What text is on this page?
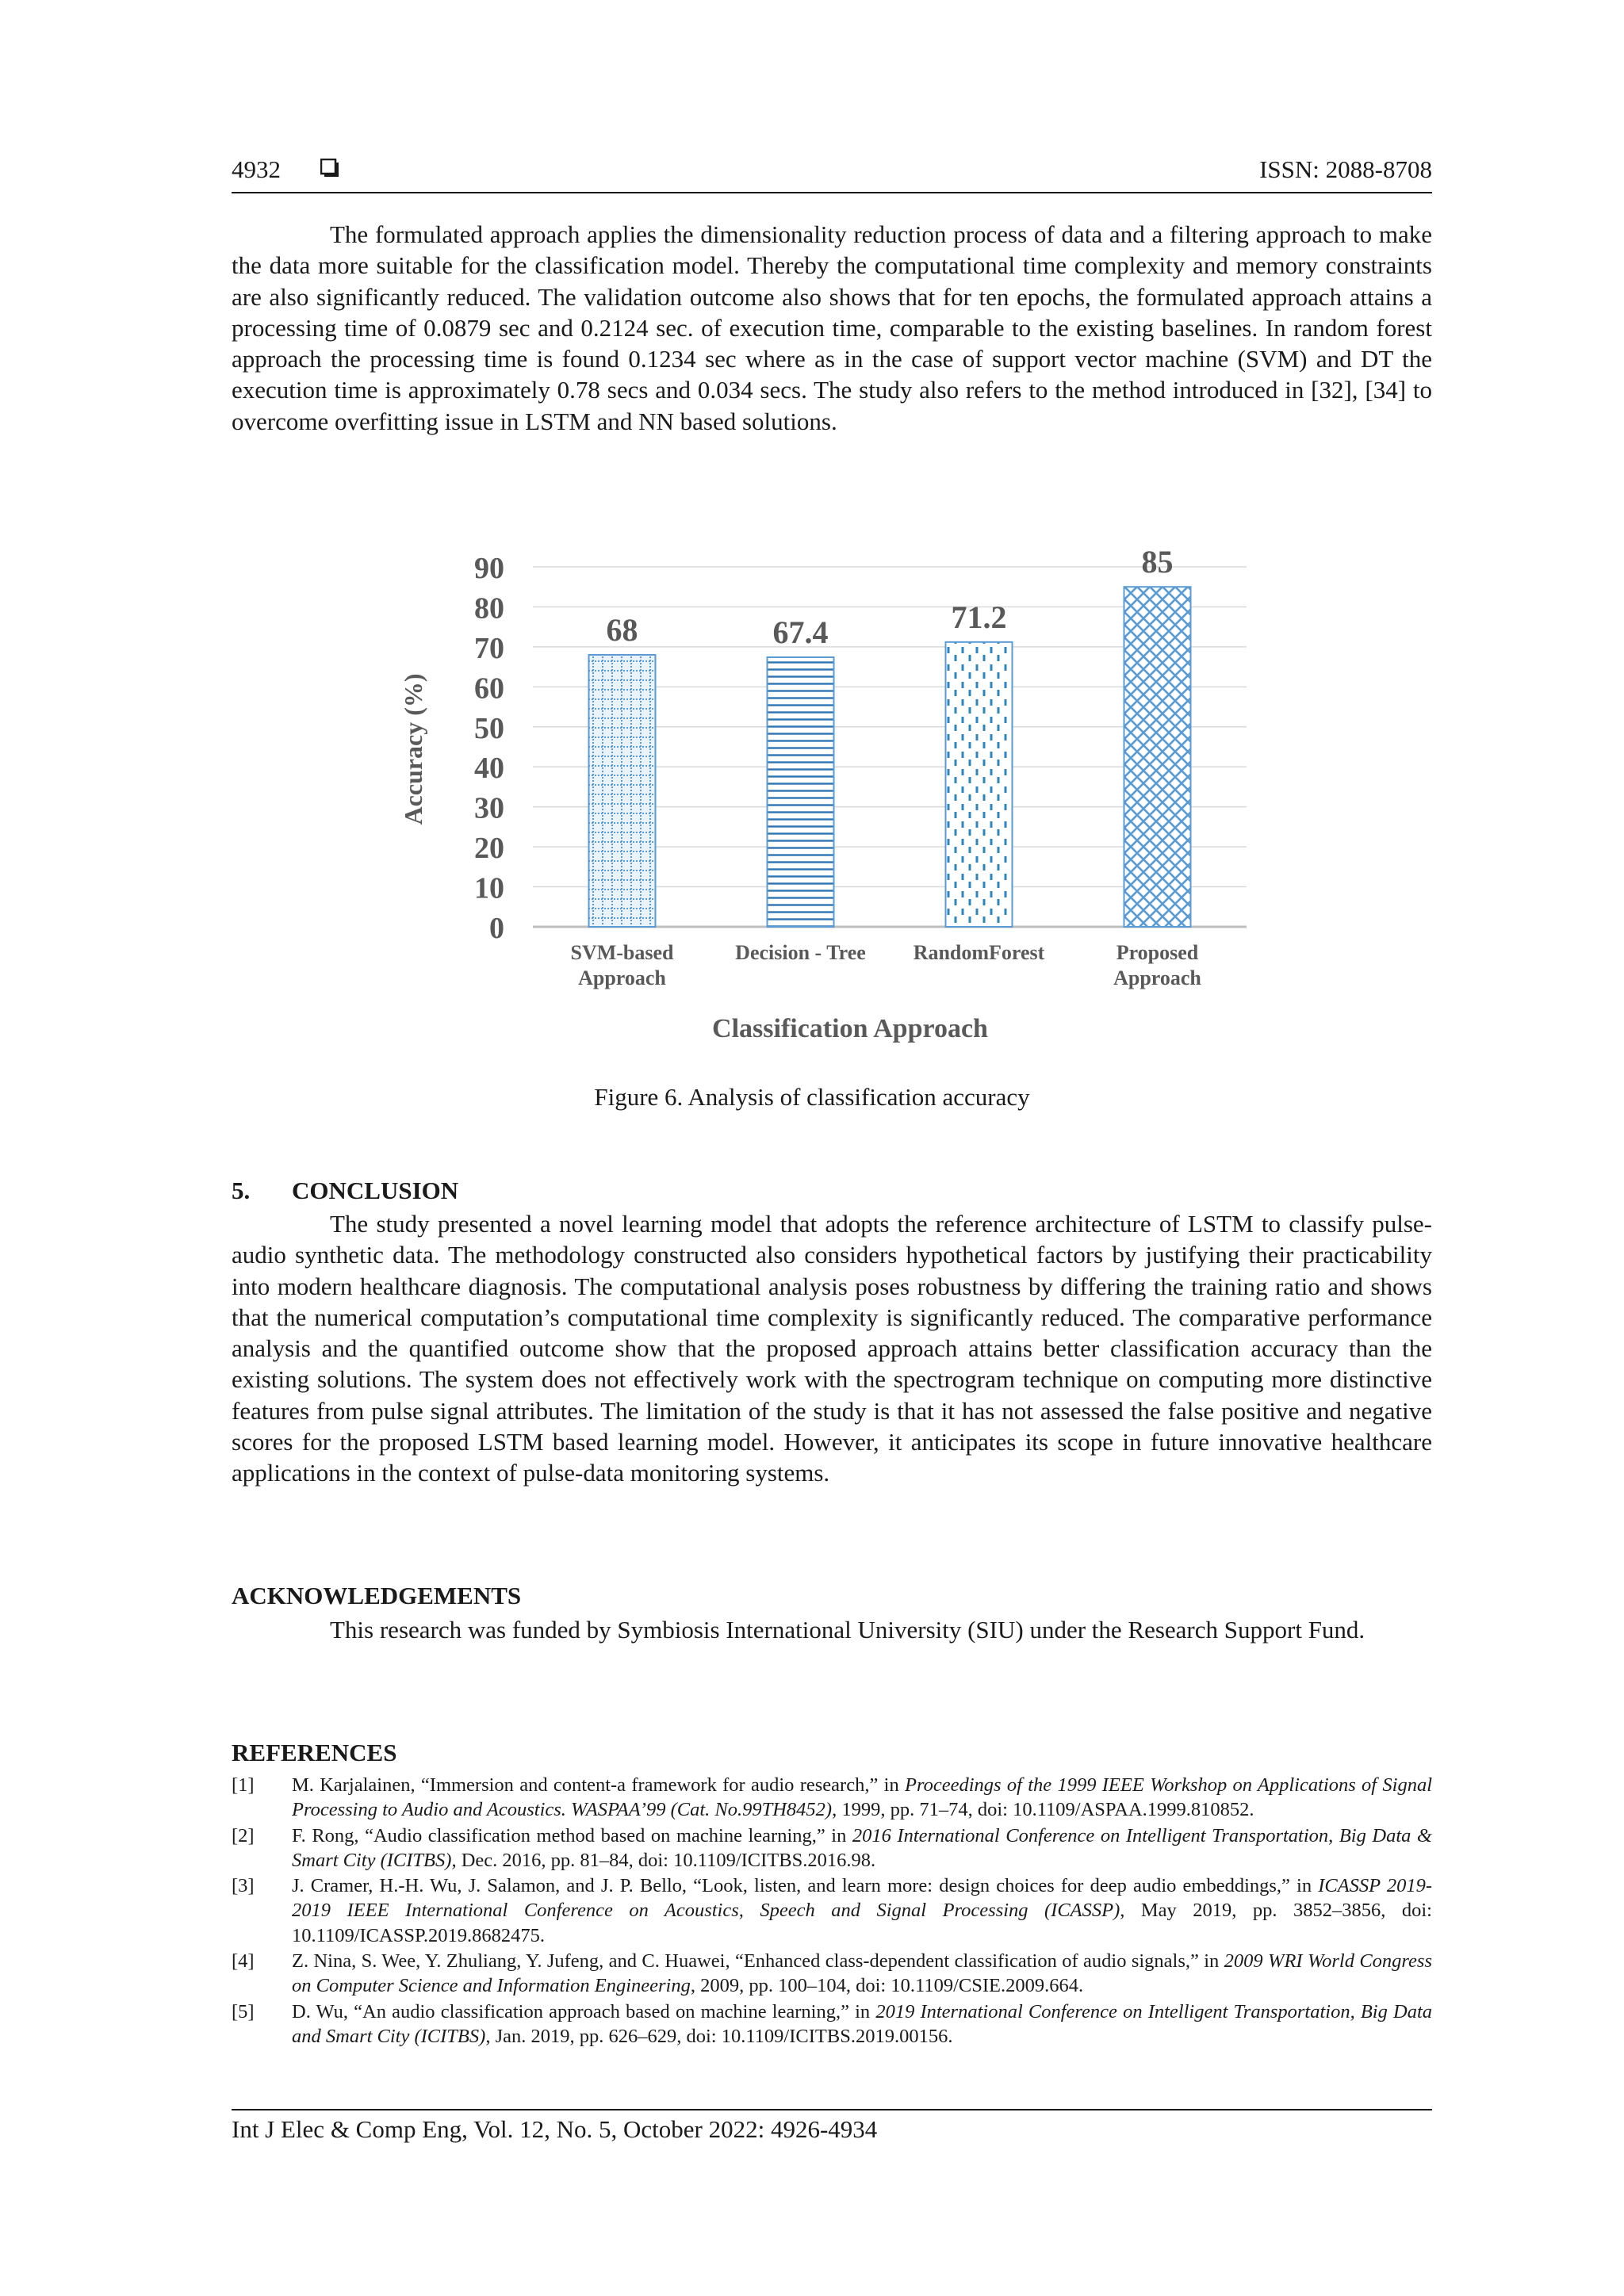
4932	ISSN: 2088-8708

The formulated approach applies the dimensionality reduction process of data and a filtering approach to make the data more suitable for the classification model. Thereby the computational time complexity and memory constraints are also significantly reduced. The validation outcome also shows that for ten epochs, the formulated approach attains a processing time of 0.0879 sec and 0.2124 sec. of execution time, comparable to the existing baselines. In random forest approach the processing time is found 0.1234 sec where as in the case of support vector machine (SVM) and DT the execution time is approximately 0.78 secs and 0.034 secs. The study also refers to the method introduced in [32], [34] to overcome overfitting issue in LSTM and NN based solutions.

0
10
20
30
40
50
60
70
80
90
68	67.4	71.2
85
SVM-based
Approach
Decision - Tree RandomForest	Proposed
Approach
Accuracy (%)
Classification Approach
Figure 6. Analysis of classification accuracy
5. CONCLUSION

The study presented a novel learning model that adopts the reference architecture of LSTM to classify pulse-audio synthetic data. The methodology constructed also considers hypothetical factors by justifying their practicability into modern healthcare diagnosis. The computational analysis poses robustness by differing the training ratio and shows that the numerical computation’s computational time complexity is significantly reduced. The comparative performance analysis and the quantified outcome show that the proposed approach attains better classification accuracy than the existing solutions. The system does not effectively work with the spectrogram technique on computing more distinctive features from pulse signal attributes. The limitation of the study is that it has not assessed the false positive and negative scores for the proposed LSTM based learning model. However, it anticipates its scope in future innovative healthcare applications in the context of pulse-data monitoring systems.

ACKNOWLEDGEMENTS

This research was funded by Symbiosis International University (SIU) under the Research Support Fund.

REFERENCES
[1] M. Karjalainen, “Immersion and content-a framework for audio research,” in Proceedings of the 1999 IEEE Workshop on Applications of Signal Processing to Audio and Acoustics. WASPAA’99 (Cat. No.99TH8452), 1999, pp. 71–74, doi: 10.1109/ASPAA.1999.810852.
[2] F. Rong, “Audio classification method based on machine learning,” in 2016 International Conference on Intelligent Transportation, Big Data & Smart City (ICITBS), Dec. 2016, pp. 81–84, doi: 10.1109/ICITBS.2016.98.
[3] J. Cramer, H.-H. Wu, J. Salamon, and J. P. Bello, “Look, listen, and learn more: design choices for deep audio embeddings,” in ICASSP 2019-2019 IEEE International Conference on Acoustics, Speech and Signal Processing (ICASSP), May 2019, pp. 3852–3856, doi: 10.1109/ICASSP.2019.8682475.
[4] Z. Nina, S. Wee, Y. Zhuliang, Y. Jufeng, and C. Huawei, “Enhanced class-dependent classification of audio signals,” in 2009 WRI World Congress on Computer Science and Information Engineering, 2009, pp. 100–104, doi: 10.1109/CSIE.2009.664.
[5] D. Wu, “An audio classification approach based on machine learning,” in 2019 International Conference on Intelligent Transportation, Big Data and Smart City (ICITBS), Jan. 2019, pp. 626–629, doi: 10.1109/ICITBS.2019.00156.
Int J Elec & Comp Eng, Vol. 12, No. 5, October 2022: 4926-4934
